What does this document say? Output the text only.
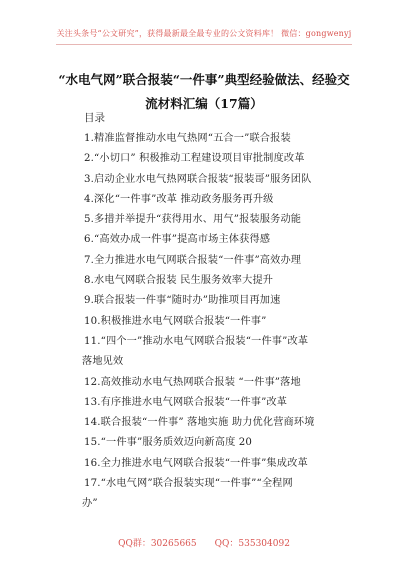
关注头条号“公文研究”，获得最新最全最专业的公文资料库！ 微信：gongwenyj
“水电气网”联合报装“一件事”典型经验做法、经验交
流材料汇编（17篇）
目录
1.精准监督推动水电气热网“五合一”联合报装
2.“小切口” 积极推动工程建设项目审批制度改革
3.启动企业水电气热网联合报装“报装哥”服务团队
4.深化“一件事”改革 推动政务服务再升级
5.多措并举提升“获得用水、用气”报装服务动能
6.“高效办成一件事”提高市场主体获得感
7.全力推进水电气网联合报装“一件事”高效办理
8.水电气网联合报装 民生服务效率大提升
9.联合报装一件事“随时办”助推项目再加速
10.积极推进水电气网联合报装“一件事”
11.“四个一”推动水电气网联合报装“一件事”改革
落地见效
12.高效推动水电气热网联合报装 “一件事”落地
13.有序推进水电气网联合报装“一件事”改革
14.联合报装“一件事” 落地实施 助力优化营商环境
15.“一件事”服务质效迈向新高度 20
16.全力推进水电气网联合报装“一件事”集成改革
17.“水电气网”联合报装实现“一件事”“全程网
办”
QQ群：30265665 QQ：535304092
